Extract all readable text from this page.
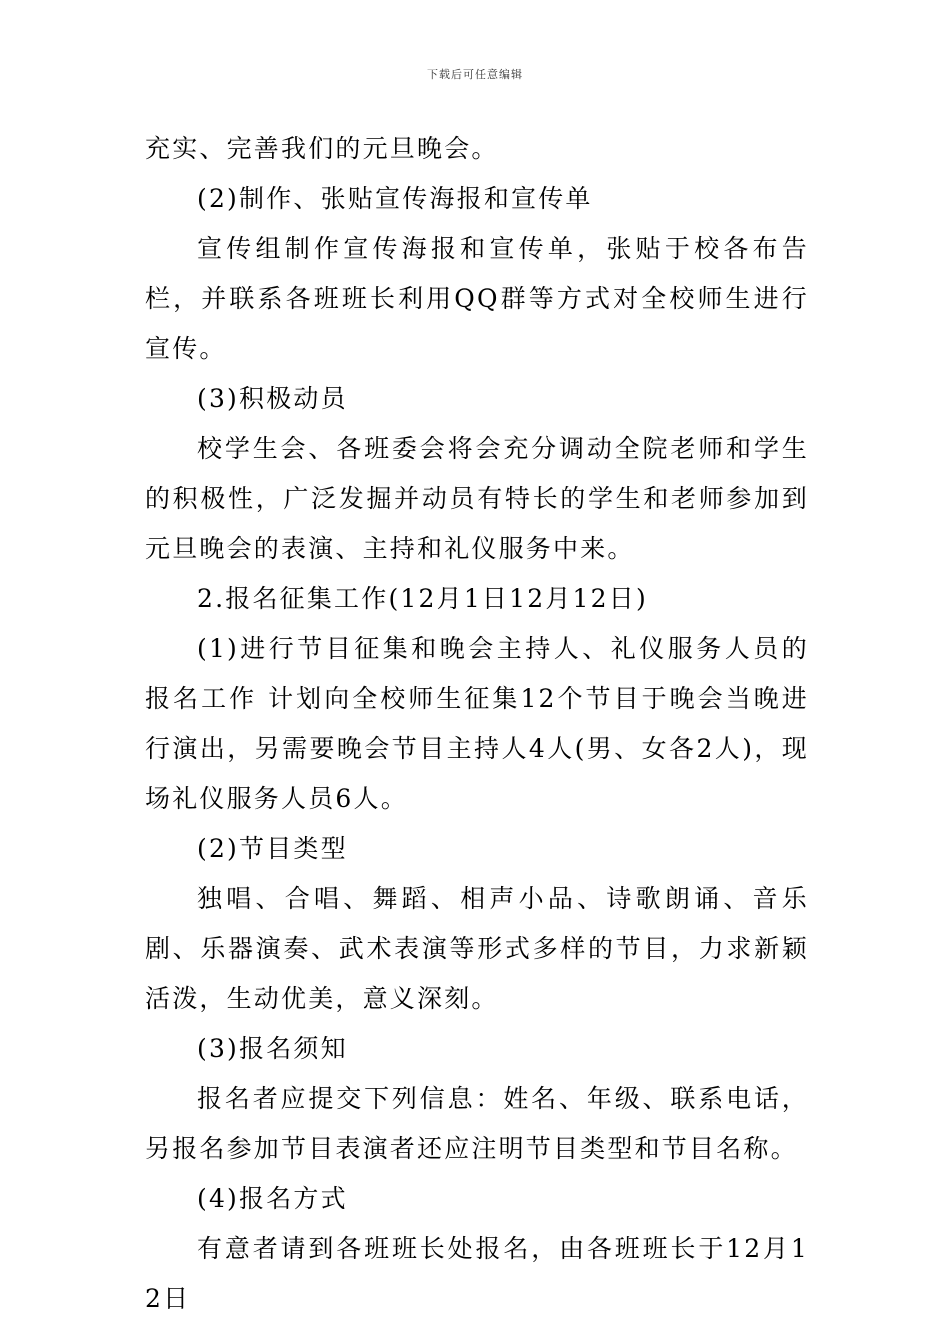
下载后可任意编辑

充实、完善我们的元旦晚会。

(2)制作、张贴宣传海报和宣传单

宣传组制作宣传海报和宣传单，张贴于校各布告栏，并联系各班班长利用QQ群等方式对全校师生进行宣传。

(3)积极动员

校学生会、各班委会将会充分调动全院老师和学生的积极性，广泛发掘并动员有特长的学生和老师参加到元旦晚会的表演、主持和礼仪服务中来。

2.报名征集工作(12月1日12月12日)

(1)进行节目征集和晚会主持人、礼仪服务人员的报名工作 计划向全校师生征集12个节目于晚会当晚进行演出，另需要晚会节目主持人4人(男、女各2人)，现场礼仪服务人员6人。

(2)节目类型

独唱、合唱、舞蹈、相声小品、诗歌朗诵、音乐剧、乐器演奏、武术表演等形式多样的节目，力求新颖活泼，生动优美，意义深刻。

(3)报名须知

报名者应提交下列信息：姓名、年级、联系电话，另报名参加节目表演者还应注明节目类型和节目名称。

(4)报名方式

有意者请到各班班长处报名，由各班班长于12月12日
